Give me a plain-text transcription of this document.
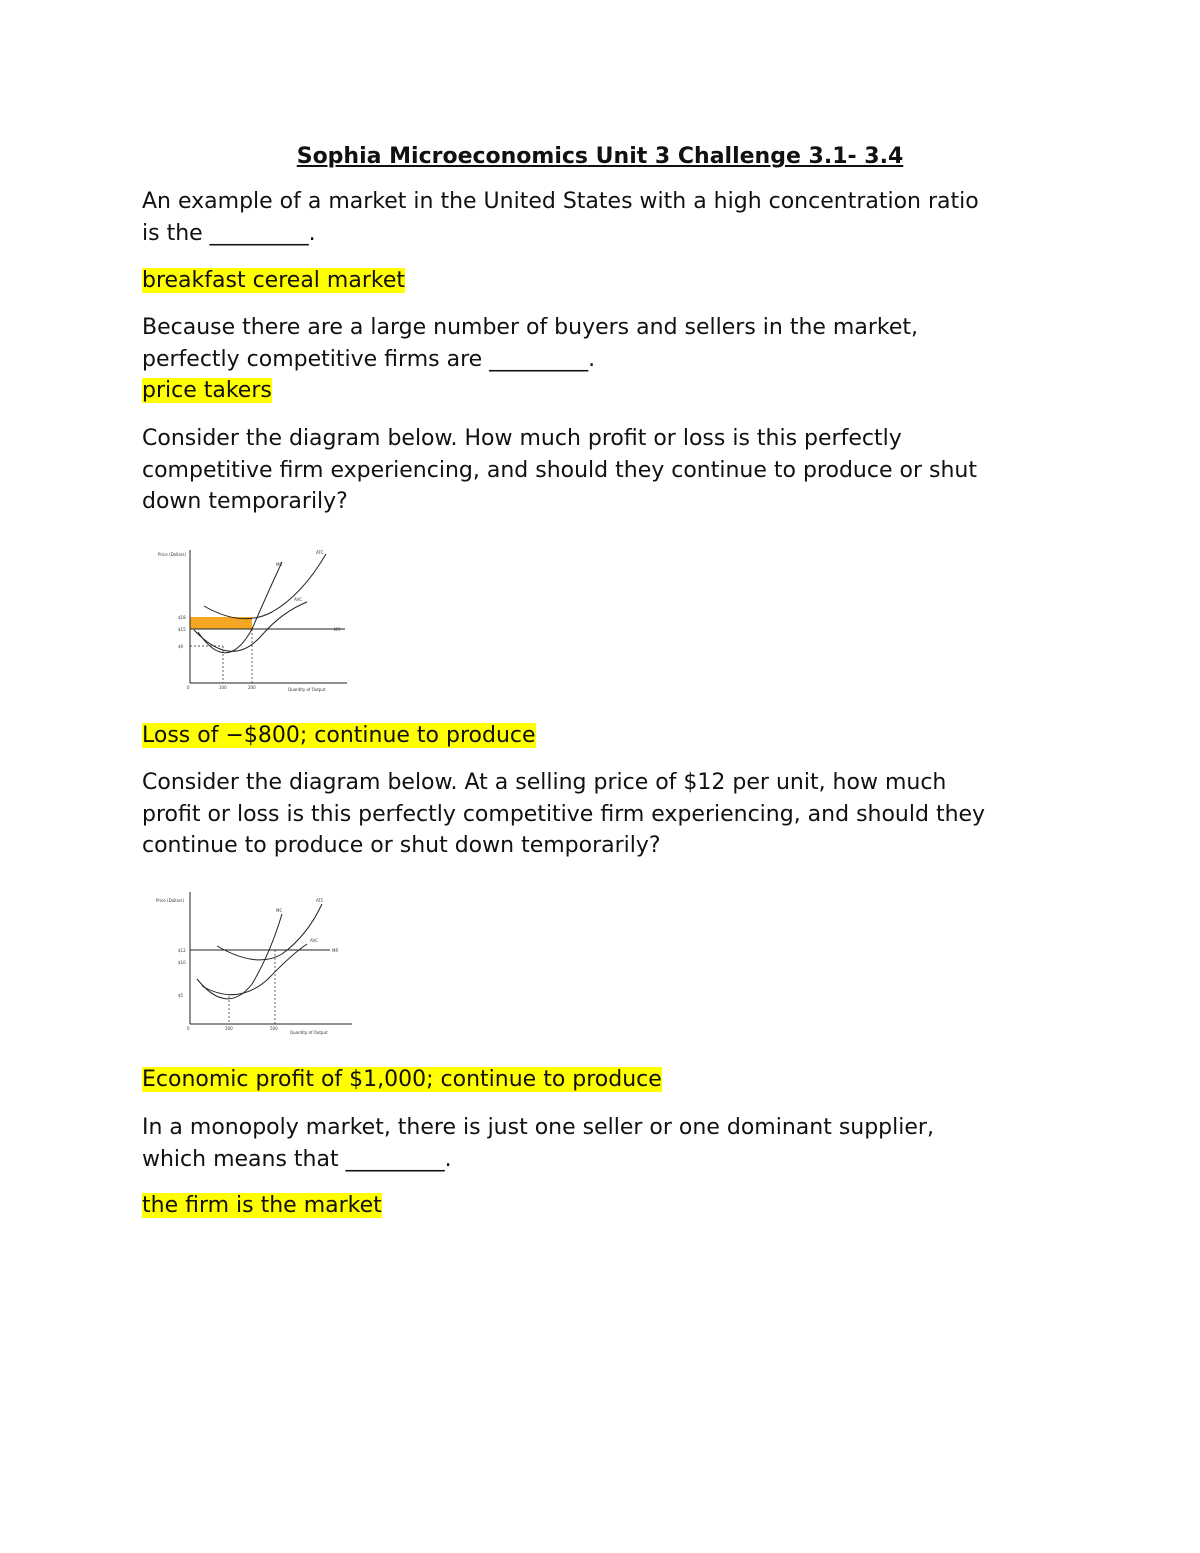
Sophia Microeconomics Unit 3 Challenge 3.1- 3.4

An example of a market in the United States with a high concentration ratio
is the _________.

breakfast cereal market

Because there are a large number of buyers and sellers in the market,
perfectly competitive firms are _________.
price takers

Consider the diagram below. How much profit or loss is this perfectly
competitive firm experiencing, and should they continue to produce or shut
down temporarily?

Price (Dollars)
$18
$15
$9
MC
ATC
AVC
MR
0	100	200	Quantity of Output

Loss of −$800; continue to produce

Consider the diagram below. At a selling price of $12 per unit, how much
profit or loss is this perfectly competitive firm experiencing, and should they
continue to produce or shut down temporarily?

Price (Dollars)
$12
$10
$5
MC
ATC
AVC
MR
0	100	500
Quantity of Output

Economic profit of $1,000; continue to produce

In a monopoly market, there is just one seller or one dominant supplier,
which means that _________.

the firm is the market
